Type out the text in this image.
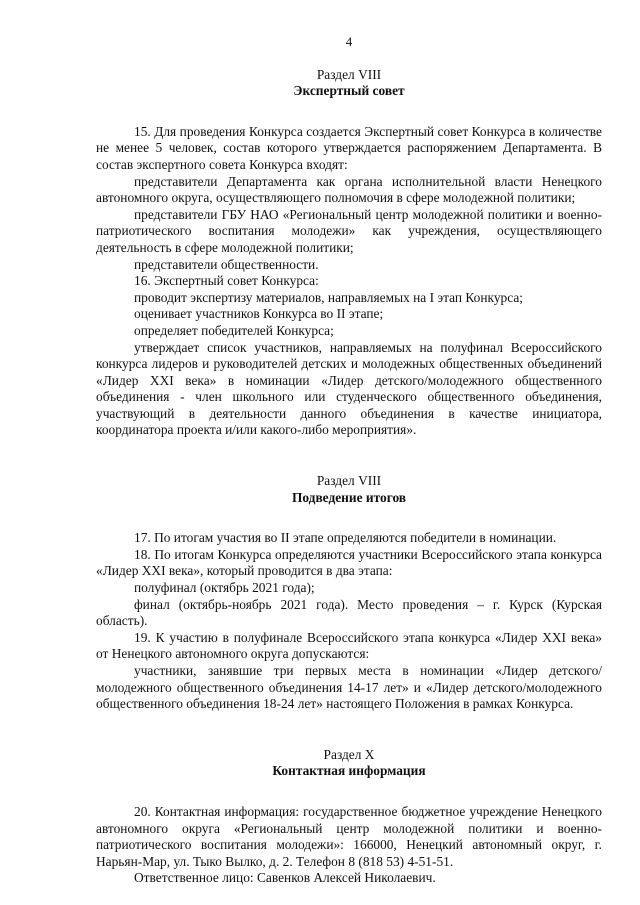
4
Раздел VIII
Экспертный совет

15. Для проведения Конкурса создается Экспертный совет Конкурса в количестве не менее 5 человек, состав которого утверждается распоряжением Департамента. В состав экспертного совета Конкурса входят:

представители Департамента как органа исполнительной власти Ненецкого автономного округа, осуществляющего полномочия в сфере молодежной политики;

представители ГБУ НАО «Региональный центр молодежной политики и военно-патриотического воспитания молодежи» как учреждения, осуществляющего деятельность в сфере молодежной политики;

представители общественности.

16. Экспертный совет Конкурса:

проводит экспертизу материалов, направляемых на I этап Конкурса;

оценивает участников Конкурса во II этапе;

определяет победителей Конкурса;

утверждает список участников, направляемых на полуфинал Всероссийского конкурса лидеров и руководителей детских и молодежных общественных объединений «Лидер XXI века» в номинации «Лидер детского/молодежного общественного объединения - член школьного или студенческого общественного объединения, участвующий в деятельности данного объединения в качестве инициатора, координатора проекта и/или какого-либо мероприятия».

Раздел VIII
Подведение итогов

17. По итогам участия во II этапе определяются победители в номинации.

18. По итогам Конкурса определяются участники Всероссийского этапа конкурса «Лидер XXI века», который проводится в два этапа:

полуфинал (октябрь 2021 года);

финал (октябрь-ноябрь 2021 года). Место проведения – г. Курск (Курская область).

19. К участию в полуфинале Всероссийского этапа конкурса «Лидер XXI века» от Ненецкого автономного округа допускаются:

участники, занявшие три первых места в номинации «Лидер детского/молодежного общественного объединения 14-17 лет» и «Лидер детского/молодежного общественного объединения 18-24 лет» настоящего Положения в рамках Конкурса.

Раздел X
Контактная информация

20. Контактная информация: государственное бюджетное учреждение Ненецкого автономного округа «Региональный центр молодежной политики и военно-патриотического воспитания молодежи»: 166000, Ненецкий автономный округ, г. Нарьян-Мар, ул. Тыко Вылко, д. 2. Телефон 8 (818 53) 4-51-51.

Ответственное лицо: Савенков Алексей Николаевич.
